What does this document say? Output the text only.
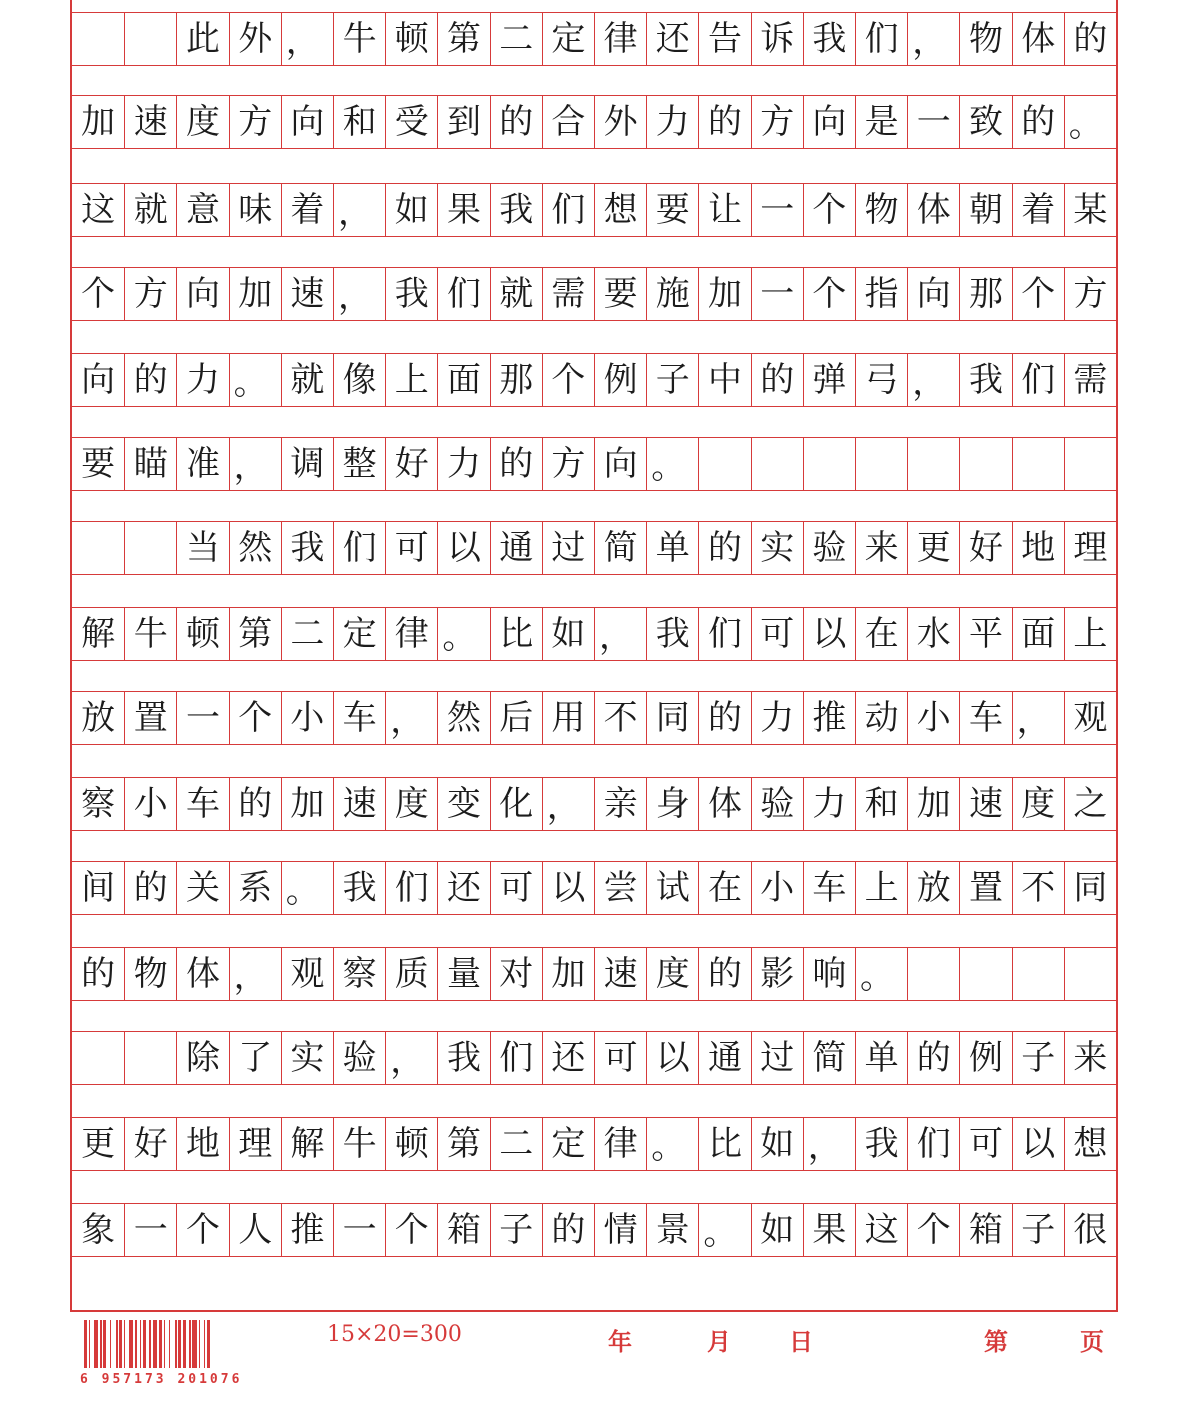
此 外 ， 牛 顿 第 二 定 律 还 告 诉 我 们 ， 物 体 的
加 速 度 方 向 和 受 到 的 合 外 力 的 方 向 是 一 致 的 。
这 就 意 味 着 ， 如 果 我 们 想 要 让 一 个 物 体 朝 着 某
个 方 向 加 速 ， 我 们 就 需 要 施 加 一 个 指 向 那 个 方
向 的 力 。 就 像 上 面 那 个 例 子 中 的 弹 弓 ， 我 们 需
要 瞄 准 ， 调 整 好 力 的 方 向 。
当 然 我 们 可 以 通 过 简 单 的 实 验 来 更 好 地 理
解 牛 顿 第 二 定 律 。 比 如 ， 我 们 可 以 在 水 平 面 上
放 置 一 个 小 车 ， 然 后 用 不 同 的 力 推 动 小 车 ， 观
察 小 车 的 加 速 度 变 化 ， 亲 身 体 验 力 和 加 速 度 之
间 的 关 系 。 我 们 还 可 以 尝 试 在 小 车 上 放 置 不 同
的 物 体 ， 观 察 质 量 对 加 速 度 的 影 响 。
除 了 实 验 ， 我 们 还 可 以 通 过 简 单 的 例 子 来
更 好 地 理 解 牛 顿 第 二 定 律 。 比 如 ， 我 们 可 以 想
象 一 个 人 推 一 个 箱 子 的 情 景 。 如 果 这 个 箱 子 很
6 957173 201076
15×20=300	年	月 日	第	页
